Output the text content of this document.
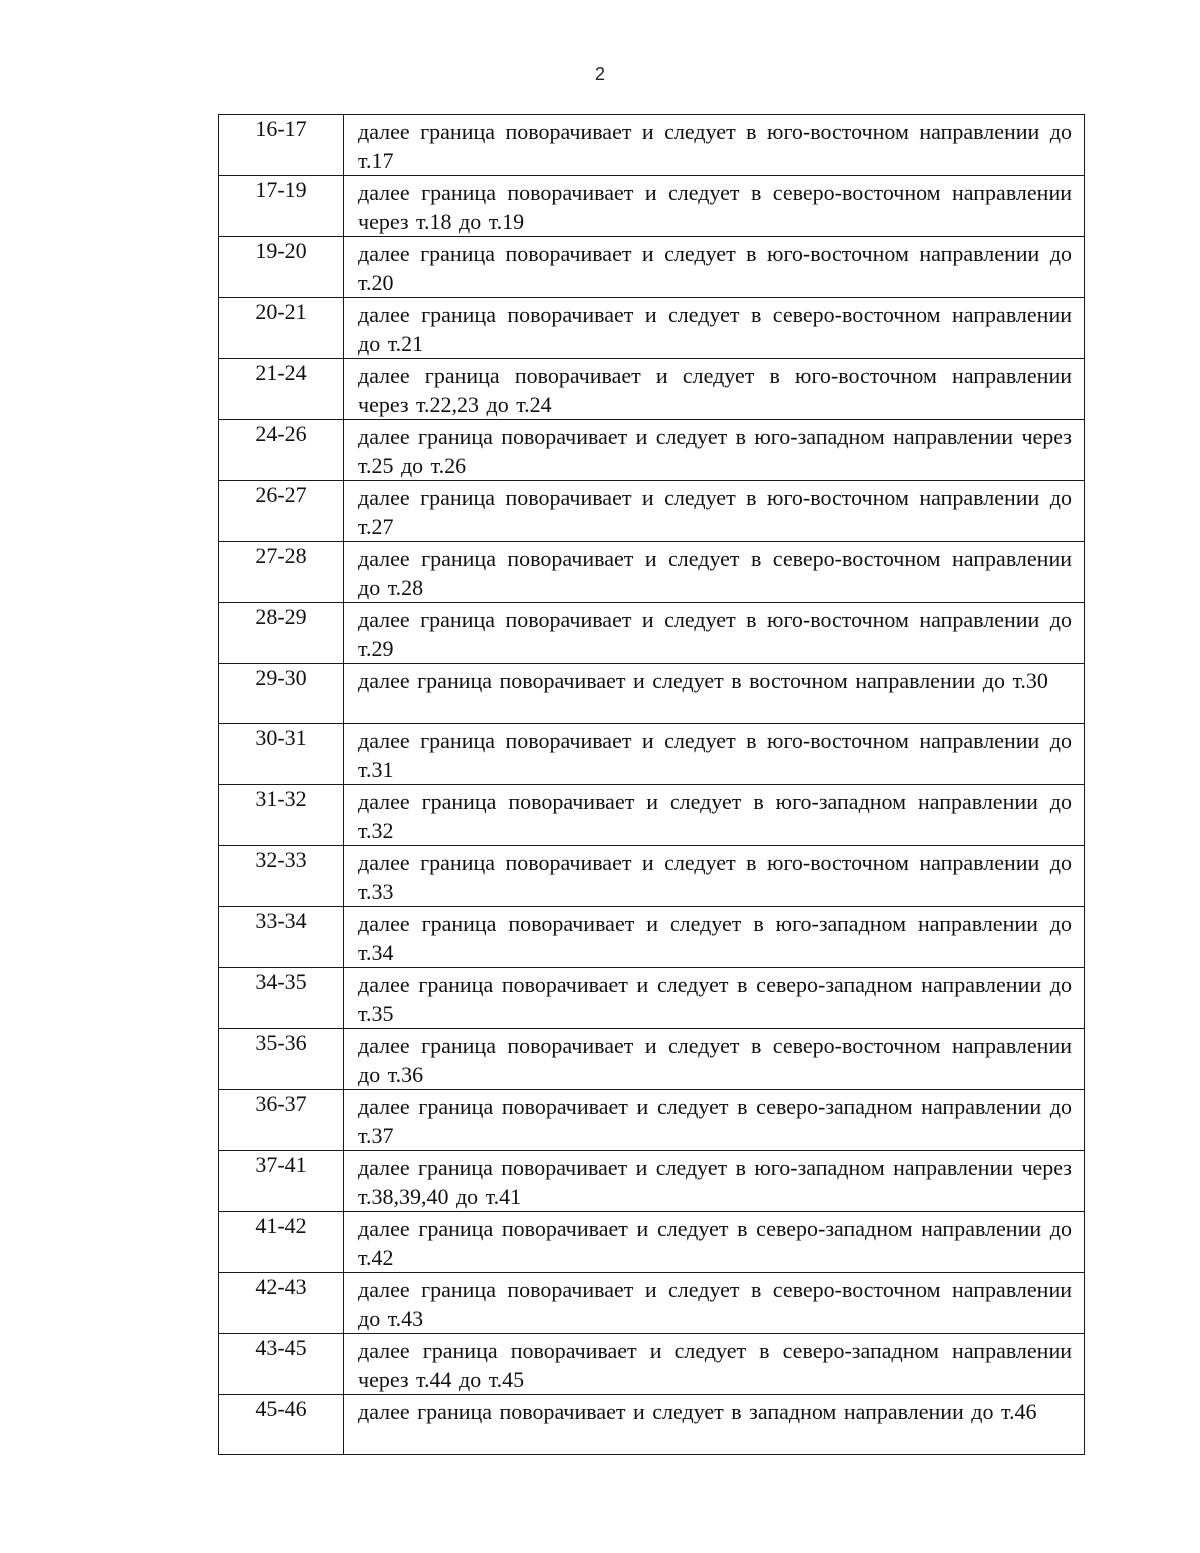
2
16-17	далее граница поворачивает и следует в юго-восточном направлении до т.17

17-19	далее граница поворачивает и следует в северо-восточном направлении через т.18 до т.19

19-20	далее граница поворачивает и следует в юго-восточном направлении до т.20

20-21	далее граница поворачивает и следует в северо-восточном направлении до т.21

21-24	далее граница поворачивает и следует в юго-восточном направлении через т.22,23 до т.24

24-26	далее граница поворачивает и следует в юго-западном направлении через т.25 до т.26

26-27	далее граница поворачивает и следует в юго-восточном направлении до т.27

27-28	далее граница поворачивает и следует в северо-восточном направлении до т.28

28-29	далее граница поворачивает и следует в юго-восточном направлении до т.29

29-30	далее граница поворачивает и следует в восточном направлении до т.30

30-31	далее граница поворачивает и следует в юго-восточном направлении до т.31

31-32	далее граница поворачивает и следует в юго-западном направлении до т.32

32-33	далее граница поворачивает и следует в юго-восточном направлении до т.33

33-34	далее граница поворачивает и следует в юго-западном направлении до т.34

34-35	далее граница поворачивает и следует в северо-западном направлении до т.35

35-36	далее граница поворачивает и следует в северо-восточном направлении до т.36

36-37	далее граница поворачивает и следует в северо-западном направлении до т.37

37-41	далее граница поворачивает и следует в юго-западном направлении через т.38,39,40 до т.41

41-42	далее граница поворачивает и следует в северо-западном направлении до т.42

42-43	далее граница поворачивает и следует в северо-восточном направлении до т.43

43-45	далее граница поворачивает и следует в северо-западном направлении через т.44 до т.45

45-46	далее граница поворачивает и следует в западном направлении до т.46
